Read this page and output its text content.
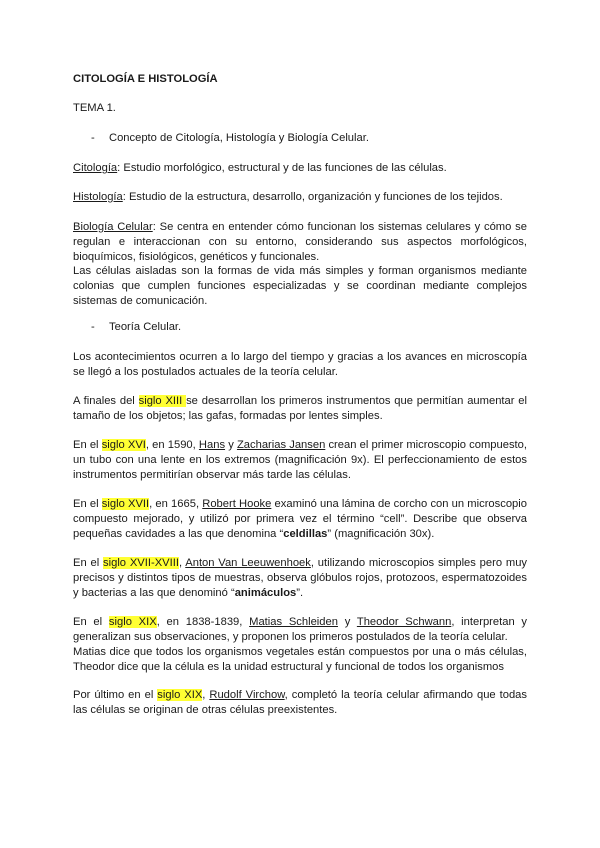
CITOLOGÍA E HISTOLOGÍA
TEMA 1.
- Concepto de Citología, Histología y Biología Celular.
Citología: Estudio morfológico, estructural y de las funciones de las células.
Histología: Estudio de la estructura, desarrollo, organización y funciones de los tejidos.
Biología Celular: Se centra en entender cómo funcionan los sistemas celulares y cómo se regulan e interaccionan con su entorno, considerando sus aspectos morfológicos, bioquímicos, fisiológicos, genéticos y funcionales.
Las células aisladas son la formas de vida más simples y forman organismos mediante colonias que cumplen funciones especializadas y se coordinan mediante complejos sistemas de comunicación.
- Teoría Celular.
Los acontecimientos ocurren a lo largo del tiempo y gracias a los avances en microscopía se llegó a los postulados actuales de la teoría celular.
A finales del siglo XIII se desarrollan los primeros instrumentos que permitían aumentar el tamaño de los objetos; las gafas, formadas por lentes simples.
En el siglo XVI, en 1590, Hans y Zacharias Jansen crean el primer microscopio compuesto, un tubo con una lente en los extremos (magnificación 9x). El perfeccionamiento de estos instrumentos permitirían observar más tarde las células.
En el siglo XVII, en 1665, Robert Hooke examinó una lámina de corcho con un microscopio compuesto mejorado, y utilizó por primera vez el término “cell”. Describe que observa pequeñas cavidades a las que denomina “celdillas” (magnificación 30x).
En el siglo XVII-XVIII, Anton Van Leeuwenhoek, utilizando microscopios simples pero muy precisos y distintos tipos de muestras, observa glóbulos rojos, protozoos, espermatozoides y bacterias a las que denominó “animáculos”.
En el siglo XIX, en 1838-1839, Matias Schleiden y Theodor Schwann, interpretan y generalizan sus observaciones, y proponen los primeros postulados de la teoría celular.
Matias dice que todos los organismos vegetales están compuestos por una o más células, Theodor dice que la célula es la unidad estructural y funcional de todos los organismos
Por último en el siglo XIX, Rudolf Virchow, completó la teoría celular afirmando que todas las células se originan de otras células preexistentes.
